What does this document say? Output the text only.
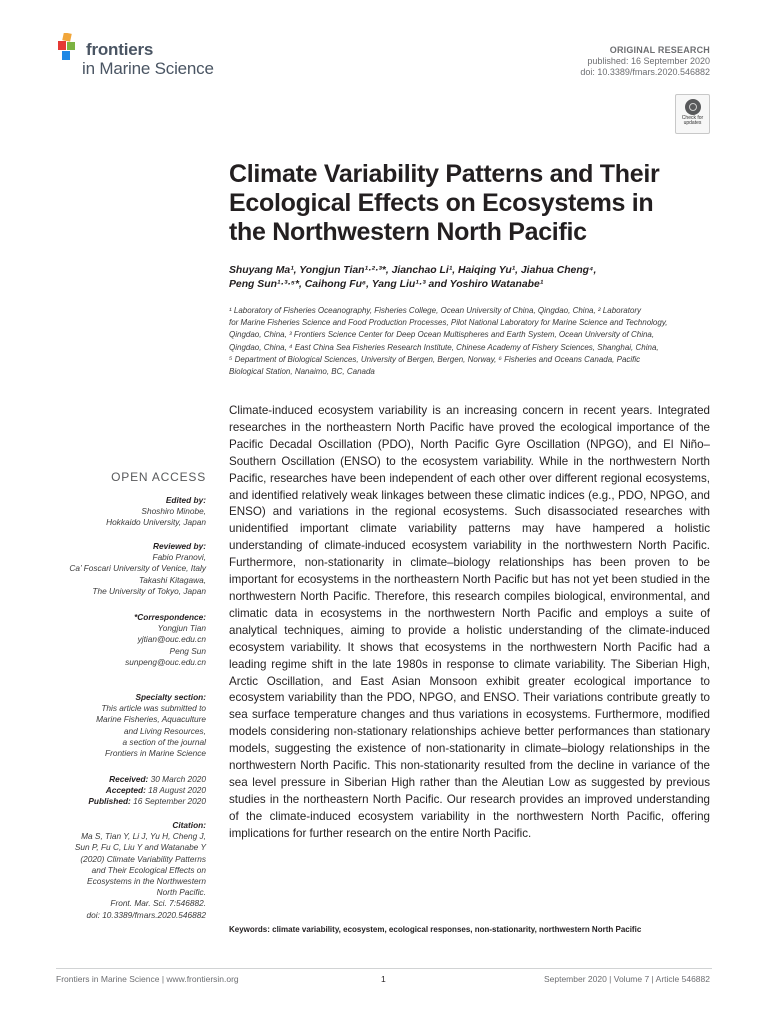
frontiers
in Marine Science
ORIGINAL RESEARCH
published: 16 September 2020
doi: 10.3389/fmars.2020.546882
Check for
updates
Climate Variability Patterns and Their
Ecological Effects on Ecosystems in
the Northwestern North Pacific
Shuyang Ma¹, Yongjun Tian¹·²·³*, Jianchao Li¹, Haiqing Yu¹, Jiahua Cheng⁴,
Peng Sun¹·³·⁵*, Caihong Fu⁶, Yang Liu¹·³ and Yoshiro Watanabe¹
¹ Laboratory of Fisheries Oceanography, Fisheries College, Ocean University of China, Qingdao, China, ² Laboratory
for Marine Fisheries Science and Food Production Processes, Pilot National Laboratory for Marine Science and Technology,
Qingdao, China, ³ Frontiers Science Center for Deep Ocean Multispheres and Earth System, Ocean University of China,
Qingdao, China, ⁴ East China Sea Fisheries Research Institute, Chinese Academy of Fishery Sciences, Shanghai, China,
⁵ Department of Biological Sciences, University of Bergen, Bergen, Norway, ⁶ Fisheries and Oceans Canada, Pacific
Biological Station, Nanaimo, BC, Canada
Climate-induced ecosystem variability is an increasing concern in recent years. Integrated researches in the northeastern North Pacific have proved the ecological importance of the Pacific Decadal Oscillation (PDO), North Pacific Gyre Oscillation (NPGO), and El Niño–Southern Oscillation (ENSO) to the ecosystem variability. While in the northwestern North Pacific, researches have been independent of each other over different regional ecosystems, and identified relatively weak linkages between these climatic indices (e.g., PDO, NPGO, and ENSO) and variations in the regional ecosystems. Such disassociated researches with unidentified important climate variability patterns may have hampered a holistic understanding of climate-induced ecosystem variability in the northwestern North Pacific. Furthermore, non-stationarity in climate–biology relationships has been proven to be important for ecosystems in the northeastern North Pacific but has not yet been studied in the northwestern North Pacific. Therefore, this research compiles biological, environmental, and climatic data in ecosystems in the northwestern North Pacific and employs a suite of analytical techniques, aiming to provide a holistic understanding of the climate-induced ecosystem variability. It shows that ecosystems in the northwestern North Pacific had a leading regime shift in the late 1980s in response to climate variability. The Siberian High, Arctic Oscillation, and East Asian Monsoon exhibit greater ecological importance to ecosystem variability than the PDO, NPGO, and ENSO. Their variations contribute greatly to sea surface temperature changes and thus variations in ecosystems. Furthermore, modified models considering non-stationary relationships achieve better performances than stationary models, suggesting the existence of non-stationarity in climate–biology relationships in the northwestern North Pacific. This non-stationarity resulted from the decline in variance of the sea level pressure in Siberian High rather than the Aleutian Low as suggested by previous studies in the northeastern North Pacific. Our research provides an improved understanding of the climate-induced ecosystem variability in the northwestern North Pacific, offering implications for further research on the entire North Pacific.
Keywords: climate variability, ecosystem, ecological responses, non-stationarity, northwestern North Pacific
OPEN ACCESS
Edited by:
Shoshiro Minobe,
Hokkaido University, Japan
Reviewed by:
Fabio Pranovi,
Ca’ Foscari University of Venice, Italy
Takashi Kitagawa,
The University of Tokyo, Japan
*Correspondence:
Yongjun Tian
yjtian@ouc.edu.cn
Peng Sun
sunpeng@ouc.edu.cn
Specialty section:
This article was submitted to
Marine Fisheries, Aquaculture
and Living Resources,
a section of the journal
Frontiers in Marine Science
Received: 30 March 2020
Accepted: 18 August 2020
Published: 16 September 2020
Citation:
Ma S, Tian Y, Li J, Yu H, Cheng J,
Sun P, Fu C, Liu Y and Watanabe Y
(2020) Climate Variability Patterns
and Their Ecological Effects on
Ecosystems in the Northwestern
North Pacific.
Front. Mar. Sci. 7:546882.
doi: 10.3389/fmars.2020.546882
Frontiers in Marine Science | www.frontiersin.org	1	September 2020 | Volume 7 | Article 546882
